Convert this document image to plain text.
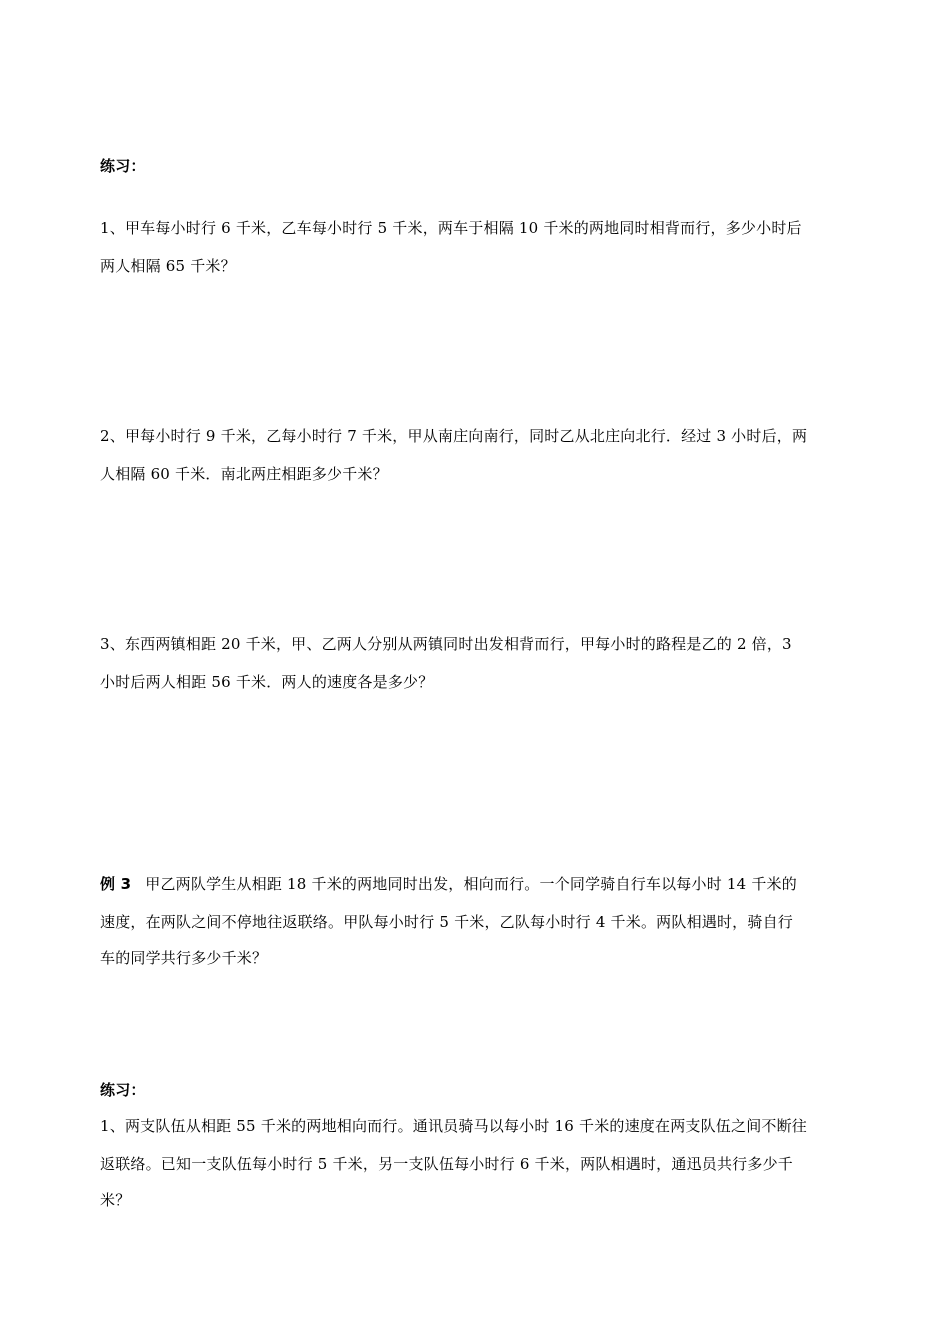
练习：
1、甲车每小时行 6 千米，乙车每小时行 5 千米，两车于相隔 10 千米的两地同时相背而行，多少小时后
两人相隔 65 千米？
2、甲每小时行 9 千米，乙每小时行 7 千米，甲从南庄向南行，同时乙从北庄向北行．经过 3 小时后，两
人相隔 60 千米．南北两庄相距多少千米？
3、东西两镇相距 20 千米，甲、乙两人分别从两镇同时出发相背而行，甲每小时的路程是乙的 2 倍，3
小时后两人相距 56 千米．两人的速度各是多少？
例 3 甲乙两队学生从相距 18 千米的两地同时出发，相向而行。一个同学骑自行车以每小时 14 千米的
速度，在两队之间不停地往返联络。甲队每小时行 5 千米，乙队每小时行 4 千米。两队相遇时，骑自行
车的同学共行多少千米？
练习：
1、两支队伍从相距 55 千米的两地相向而行。通讯员骑马以每小时 16 千米的速度在两支队伍之间不断往
返联络。已知一支队伍每小时行 5 千米，另一支队伍每小时行 6 千米，两队相遇时，通迅员共行多少千
米？
